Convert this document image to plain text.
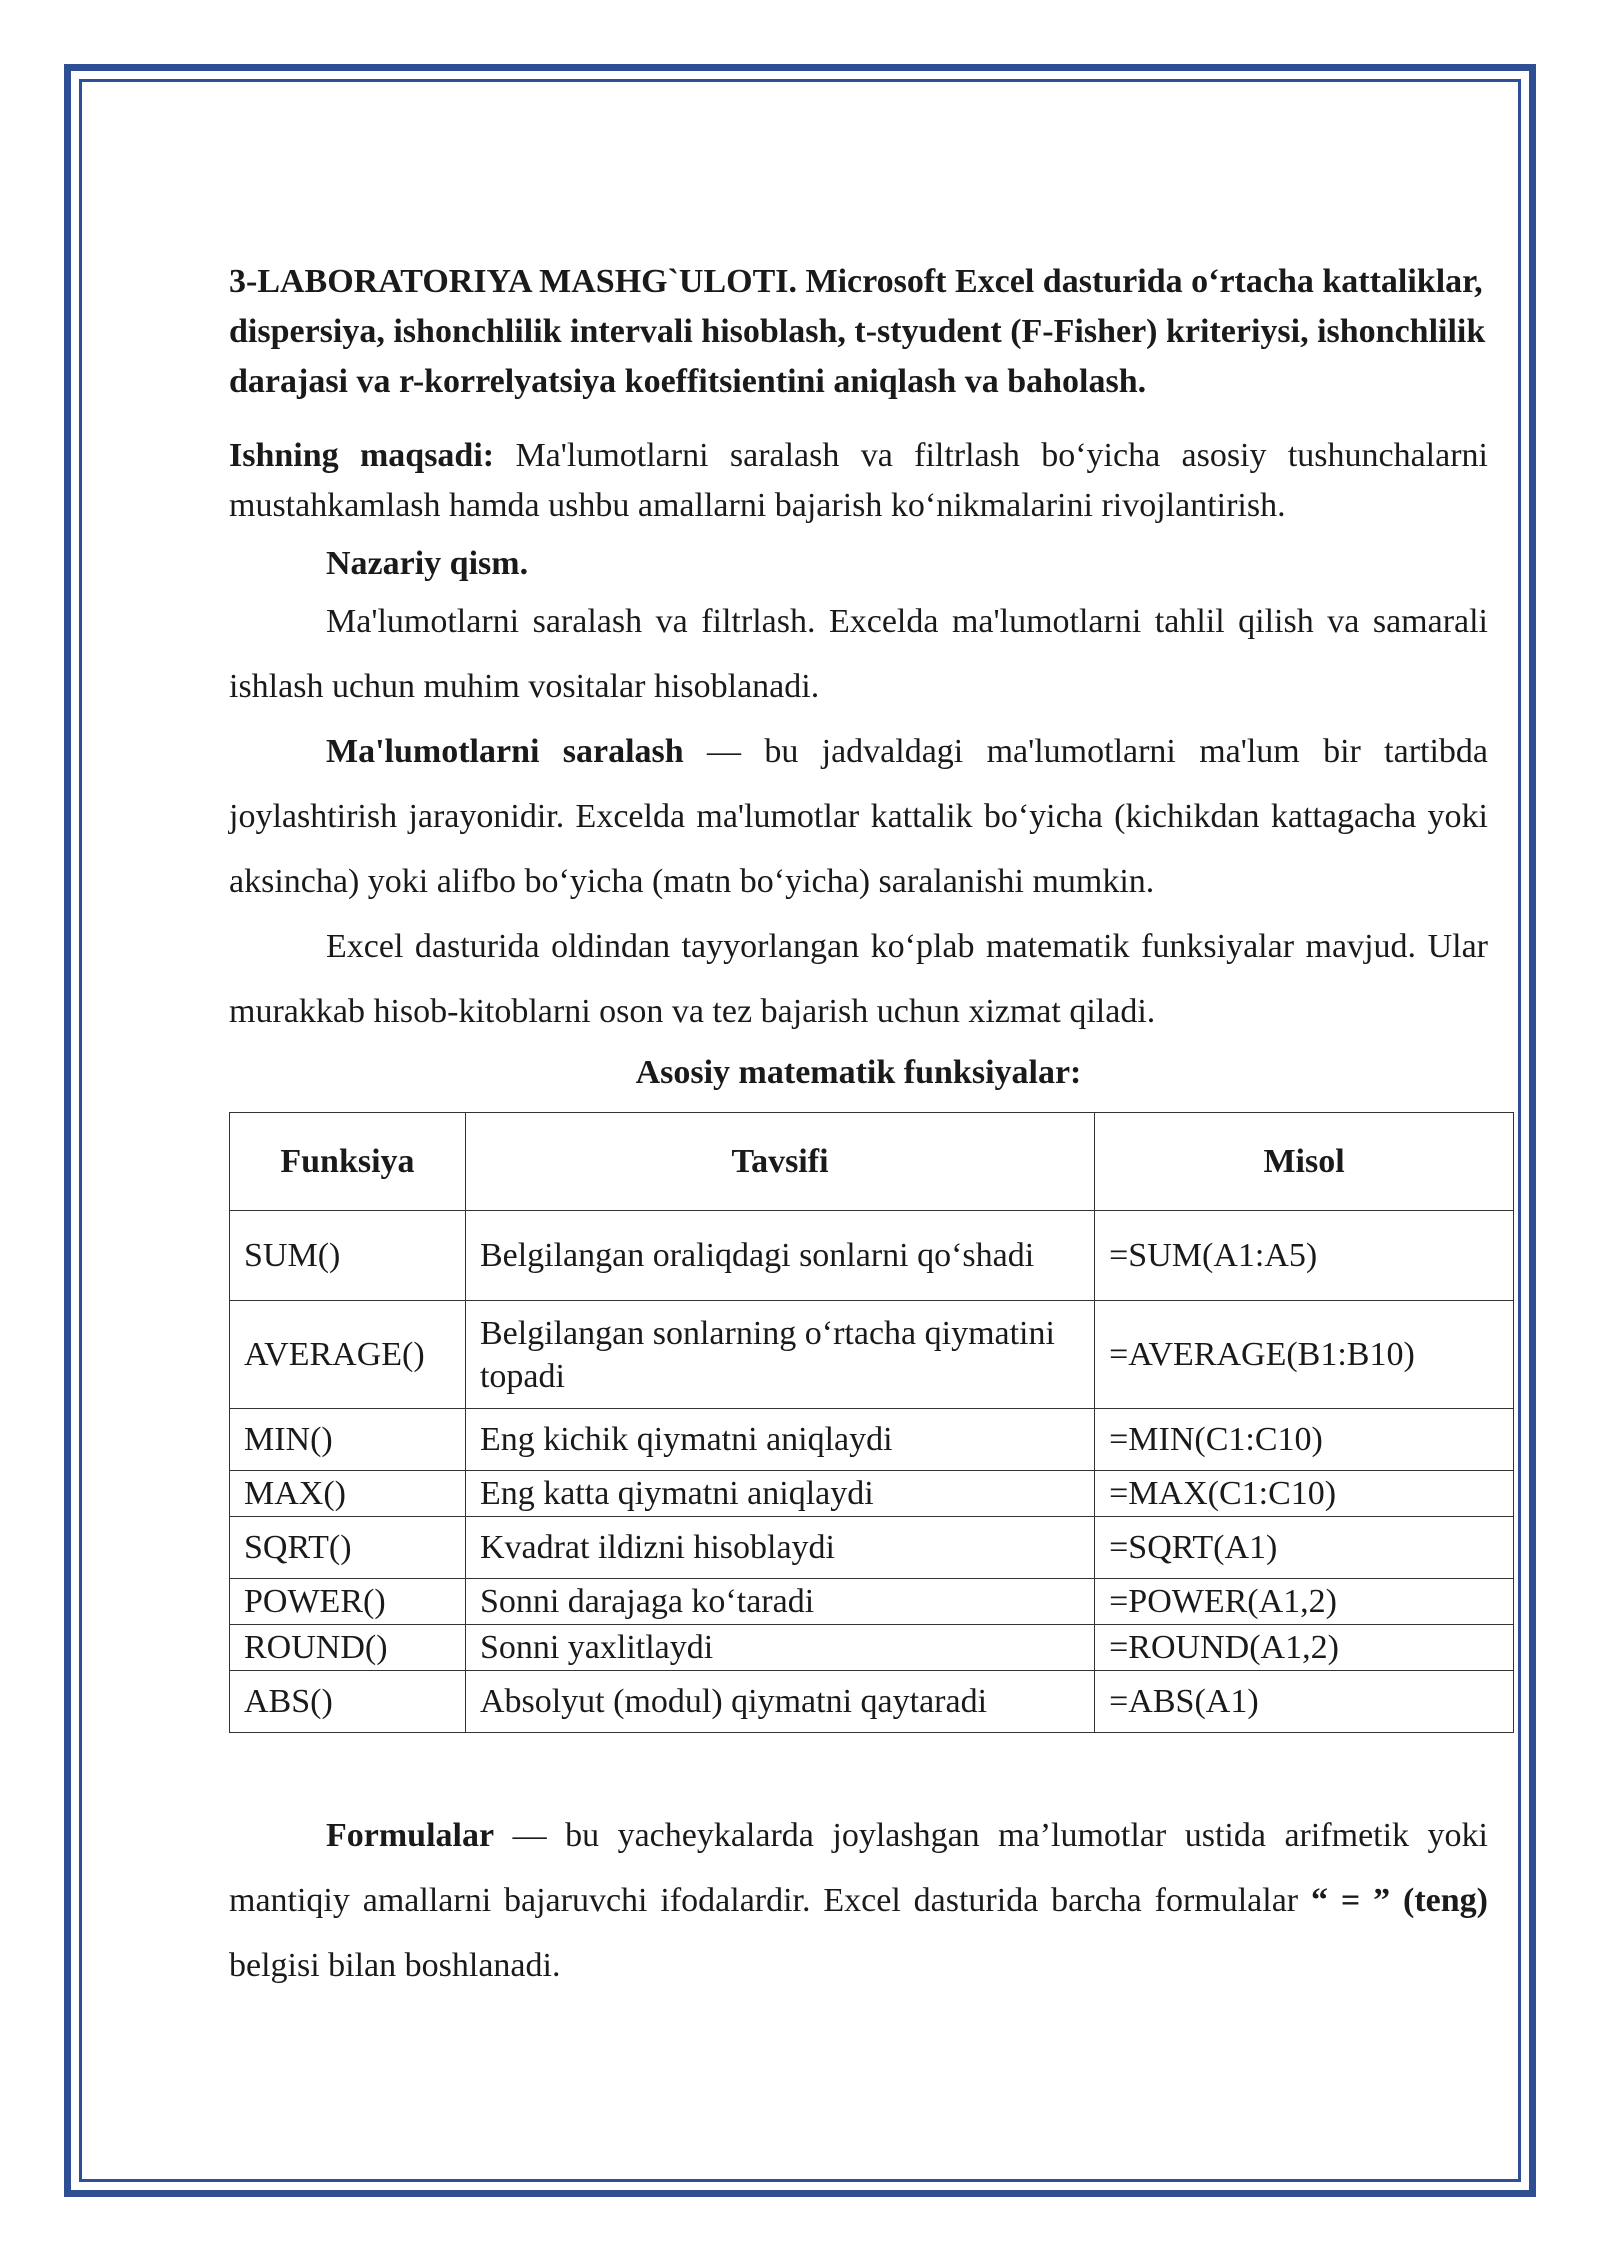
3-LABORATORIYA MASHG`ULOTI. Microsoft Excel dasturida o‘rtacha kattaliklar, dispersiya, ishonchlilik intervali hisoblash, t-styudent (F-Fisher) kriteriysi, ishonchlilik darajasi va r-korrelyatsiya koeffitsientini aniqlash va baholash.

Ishning maqsadi: Ma'lumotlarni saralash va filtrlash bo‘yicha asosiy tushunchalarni mustahkamlash hamda ushbu amallarni bajarish ko‘nikmalarini rivojlantirish.

Nazariy qism.

Ma'lumotlarni saralash va filtrlash. Excelda ma'lumotlarni tahlil qilish va samarali ishlash uchun muhim vositalar hisoblanadi.

Ma'lumotlarni saralash — bu jadvaldagi ma'lumotlarni ma'lum bir tartibda joylashtirish jarayonidir. Excelda ma'lumotlar kattalik bo‘yicha (kichikdan kattagacha yoki aksincha) yoki alifbo bo‘yicha (matn bo‘yicha) saralanishi mumkin.

Excel dasturida oldindan tayyorlangan ko‘plab matematik funksiyalar mavjud. Ular murakkab hisob-kitoblarni oson va tez bajarish uchun xizmat qiladi.

Asosiy matematik funksiyalar:

Funksiya	Tavsifi	Misol
SUM()	Belgilangan oraliqdagi sonlarni qo‘shadi	=SUM(A1:A5)
AVERAGE()	Belgilangan sonlarning o‘rtacha qiymatini topadi	=AVERAGE(B1:B10)
MIN()	Eng kichik qiymatni aniqlaydi	=MIN(C1:C10)
MAX()	Eng katta qiymatni aniqlaydi	=MAX(C1:C10)
SQRT()	Kvadrat ildizni hisoblaydi	=SQRT(A1)
POWER()	Sonni darajaga ko‘taradi	=POWER(A1,2)
ROUND()	Sonni yaxlitlaydi	=ROUND(A1,2)
ABS()	Absolyut (modul) qiymatni qaytaradi	=ABS(A1)

Formulalar — bu yacheykalarda joylashgan ma’lumotlar ustida arifmetik yoki mantiqiy amallarni bajaruvchi ifodalardir. Excel dasturida barcha formulalar “ = ” (teng) belgisi bilan boshlanadi.
